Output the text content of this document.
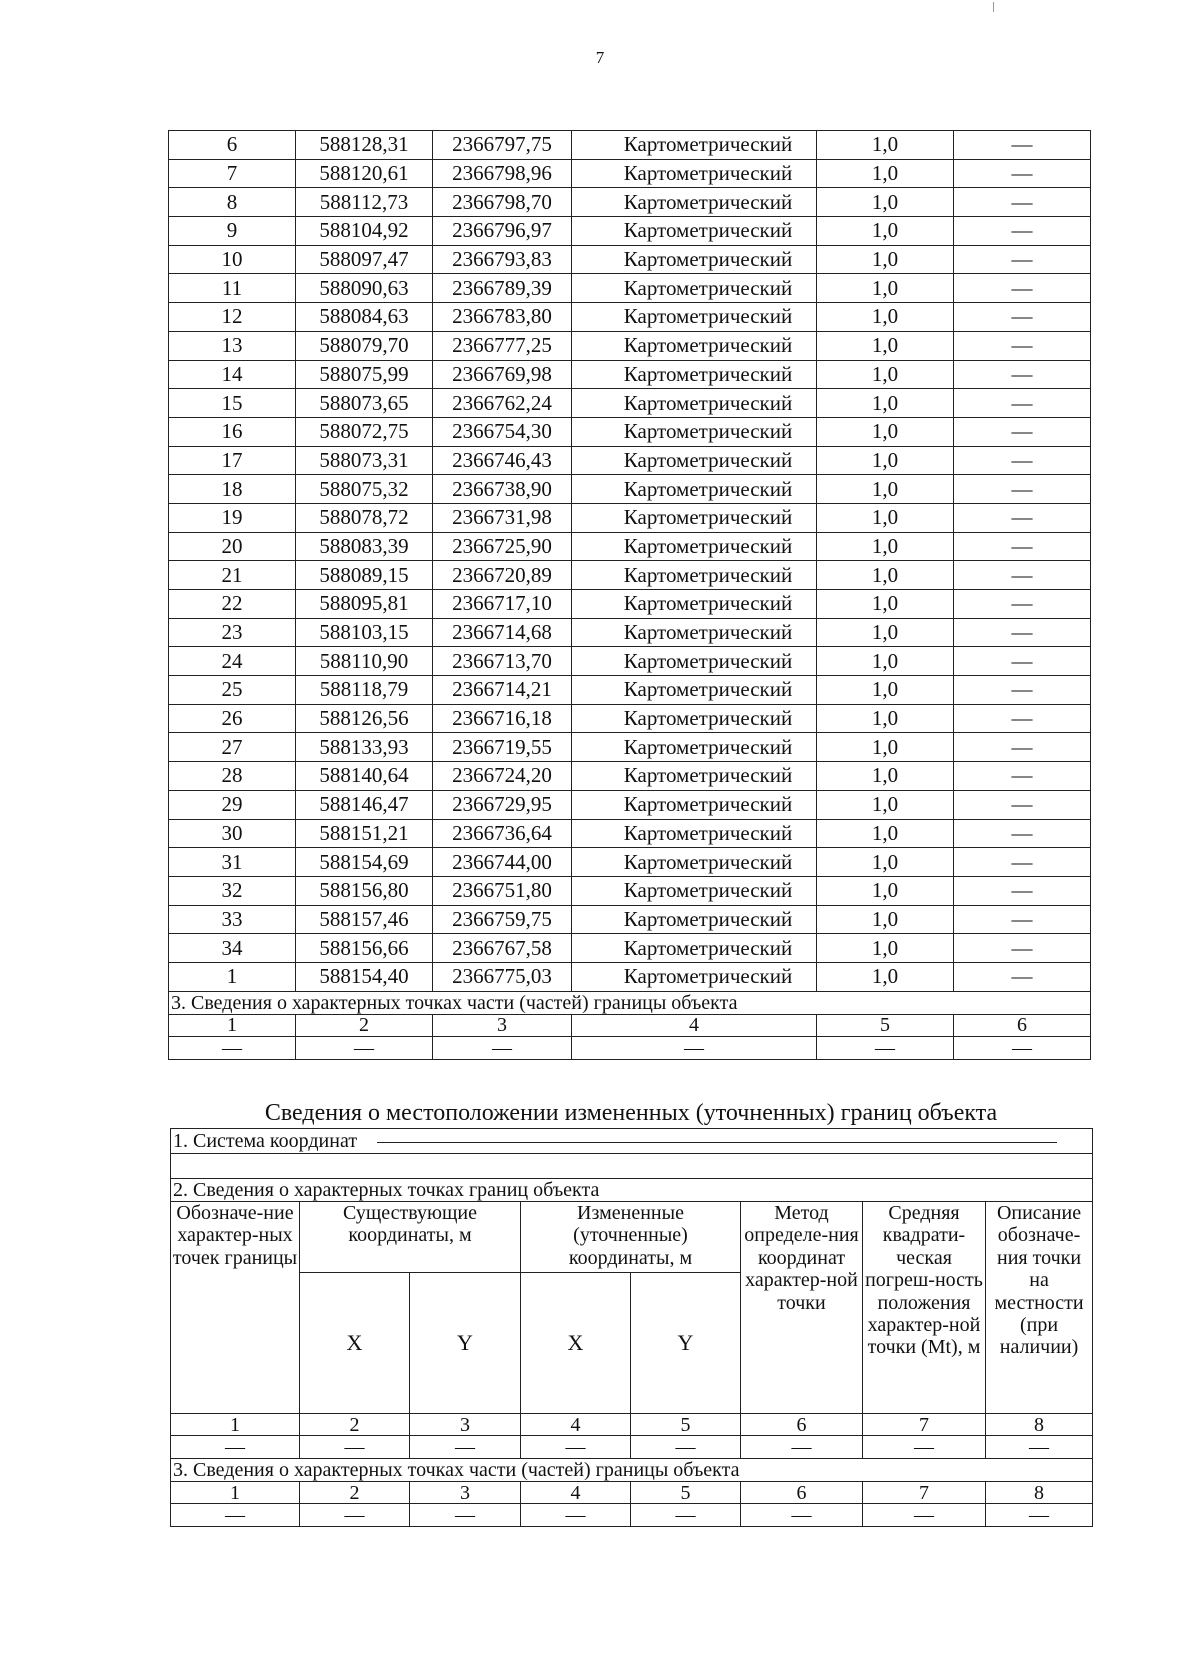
7
6	588128,31	2366797,75	Картометрический	1,0	—
7	588120,61	2366798,96	Картометрический	1,0	—
8	588112,73	2366798,70	Картометрический	1,0	—
9	588104,92	2366796,97	Картометрический	1,0	—
10	588097,47	2366793,83	Картометрический	1,0	—
11	588090,63	2366789,39	Картометрический	1,0	—
12	588084,63	2366783,80	Картометрический	1,0	—
13	588079,70	2366777,25	Картометрический	1,0	—
14	588075,99	2366769,98	Картометрический	1,0	—
15	588073,65	2366762,24	Картометрический	1,0	—
16	588072,75	2366754,30	Картометрический	1,0	—
17	588073,31	2366746,43	Картометрический	1,0	—
18	588075,32	2366738,90	Картометрический	1,0	—
19	588078,72	2366731,98	Картометрический	1,0	—
20	588083,39	2366725,90	Картометрический	1,0	—
21	588089,15	2366720,89	Картометрический	1,0	—
22	588095,81	2366717,10	Картометрический	1,0	—
23	588103,15	2366714,68	Картометрический	1,0	—
24	588110,90	2366713,70	Картометрический	1,0	—
25	588118,79	2366714,21	Картометрический	1,0	—
26	588126,56	2366716,18	Картометрический	1,0	—
27	588133,93	2366719,55	Картометрический	1,0	—
28	588140,64	2366724,20	Картометрический	1,0	—
29	588146,47	2366729,95	Картометрический	1,0	—
30	588151,21	2366736,64	Картометрический	1,0	—
31	588154,69	2366744,00	Картометрический	1,0	—
32	588156,80	2366751,80	Картометрический	1,0	—
33	588157,46	2366759,75	Картометрический	1,0	—
34	588156,66	2366767,58	Картометрический	1,0	—
1	588154,40	2366775,03	Картометрический	1,0	—
3. Сведения о характерных точках части (частей) границы объекта					
1	2	3	4	5	6
—	—	—	—	—	—
Сведения о местоположении измененных (уточненных) границ объекта
1. Система координат							

2. Сведения о характерных точках границ объекта							
Обозначе-ние характер-ных точек границы	Существующие координаты, м		Измененные (уточненные) координаты, м		Метод определе-ния координат характер-ной точки	Средняя квадрати-ческая погреш-ность положения характер-ной точки (Mt), м	Описание обозначе-ния точки на местности (при наличии)
	X	Y	X	Y			
1	2	3	4	5	6	7	8
—	—	—	—	—	—	—	—
3. Сведения о характерных точках части (частей) границы объекта							
1	2	3	4	5	6	7	8
—	—	—	—	—	—	—	—
